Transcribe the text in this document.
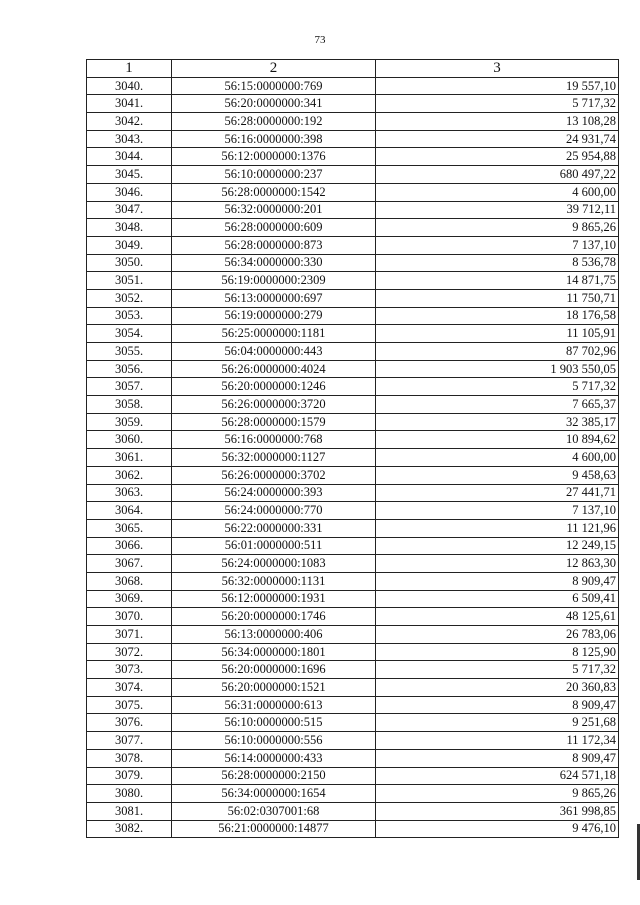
73
1	2	3
3040.	56:15:0000000:769	19 557,10
3041.	56:20:0000000:341	5 717,32
3042.	56:28:0000000:192	13 108,28
3043.	56:16:0000000:398	24 931,74
3044.	56:12:0000000:1376	25 954,88
3045.	56:10:0000000:237	680 497,22
3046.	56:28:0000000:1542	4 600,00
3047.	56:32:0000000:201	39 712,11
3048.	56:28:0000000:609	9 865,26
3049.	56:28:0000000:873	7 137,10
3050.	56:34:0000000:330	8 536,78
3051.	56:19:0000000:2309	14 871,75
3052.	56:13:0000000:697	11 750,71
3053.	56:19:0000000:279	18 176,58
3054.	56:25:0000000:1181	11 105,91
3055.	56:04:0000000:443	87 702,96
3056.	56:26:0000000:4024	1 903 550,05
3057.	56:20:0000000:1246	5 717,32
3058.	56:26:0000000:3720	7 665,37
3059.	56:28:0000000:1579	32 385,17
3060.	56:16:0000000:768	10 894,62
3061.	56:32:0000000:1127	4 600,00
3062.	56:26:0000000:3702	9 458,63
3063.	56:24:0000000:393	27 441,71
3064.	56:24:0000000:770	7 137,10
3065.	56:22:0000000:331	11 121,96
3066.	56:01:0000000:511	12 249,15
3067.	56:24:0000000:1083	12 863,30
3068.	56:32:0000000:1131	8 909,47
3069.	56:12:0000000:1931	6 509,41
3070.	56:20:0000000:1746	48 125,61
3071.	56:13:0000000:406	26 783,06
3072.	56:34:0000000:1801	8 125,90
3073.	56:20:0000000:1696	5 717,32
3074.	56:20:0000000:1521	20 360,83
3075.	56:31:0000000:613	8 909,47
3076.	56:10:0000000:515	9 251,68
3077.	56:10:0000000:556	11 172,34
3078.	56:14:0000000:433	8 909,47
3079.	56:28:0000000:2150	624 571,18
3080.	56:34:0000000:1654	9 865,26
3081.	56:02:0307001:68	361 998,85
3082.	56:21:0000000:14877	9 476,10
